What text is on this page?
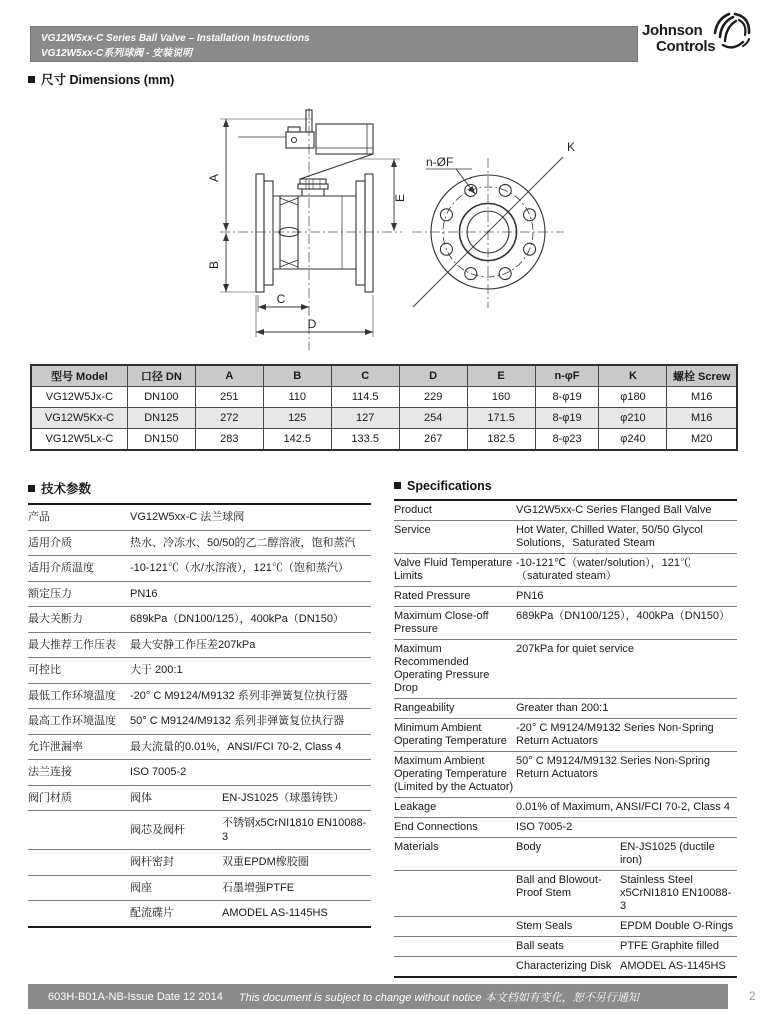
VG12W5xx-C Series Ball Valve – Installation Instructions
VG12W5xx-C系列球阀 - 安装说明
Johnson
Controls
尺寸 Dimensions (mm)
A
B
E
C
D
n-ØF
K
型号 Model	口径 DN	A	B	C	D	E	n-φF	K	螺栓 Screw
VG12W5Jx-C	DN100	251	110	114.5	229	160	8-φ19	φ180	M16
VG12W5Kx-C	DN125	272	125	127	254	171.5	8-φ19	φ210	M16
VG12W5Lx-C	DN150	283	142.5	133.5	267	182.5	8-φ23	φ240	M20
技术参数
产品	VG12W5xx-C 法兰球阀	
适用介质	热水、冷冻水、50/50的乙二醇溶液，饱和蒸汽	
适用介质温度	-10-121℃（水/水溶液），121℃（饱和蒸汽）	
额定压力	PN16	
最大关断力	689kPa（DN100/125），400kPa（DN150）	
最大推荐工作压表	最大安静工作压差207kPa	
可控比	大于 200:1	
最低工作环境温度	-20° C M9124/M9132 系列非弹簧复位执行器	
最高工作环境温度	50° C M9124/M9132 系列非弹簧复位执行器	
允许泄漏率	最大流量的0.01%，ANSI/FCI 70-2, Class 4	
法兰连接	ISO 7005-2	
阀门材质	阀体	EN-JS1025（球墨铸铁）
	阀芯及阀杆	不锈钢x5CrNI1810 EN10088-3
	阀杆密封	双重EPDM橡胶圈
	阀座	石墨增强PTFE
	配流碟片	AMODEL AS-1145HS
Specifications
Product	VG12W5xx-C Series Flanged Ball Valve	
Service	Hot Water, Chilled Water, 50/50 Glycol Solutions，Saturated Steam	
Valve Fluid Temperature Limits	-10-121℃（water/solution），121℃（saturated steam）	
Rated Pressure	PN16	
Maximum Close-off Pressure	689kPa（DN100/125），400kPa（DN150）	
Maximum Recommended Operating Pressure Drop	207kPa for quiet service	
Rangeability	Greater than 200:1	
Minimum Ambient Operating Temperature	-20° C M9124/M9132 Series Non-Spring Return Actuators	
Maximum Ambient Operating Temperature (Limited by the Actuator)	50° C M9124/M9132 Series Non-Spring Return Actuators	
Leakage	0.01% of Maximum, ANSI/FCI 70-2, Class 4	
End Connections	ISO 7005-2	
Materials	Body	EN-JS1025 (ductile iron)
	Ball and Blowout-Proof Stem	Stainless Steel x5CrNI1810 EN10088-3
	Stem Seals	EPDM Double O-Rings
	Ball seats	PTFE Graphite filled
	Characterizing Disk	AMODEL AS-1145HS
603H-B01A-NB-Issue Date 12 2014 This document is subject to change without notice 本文档如有变化，恕不另行通知	2
